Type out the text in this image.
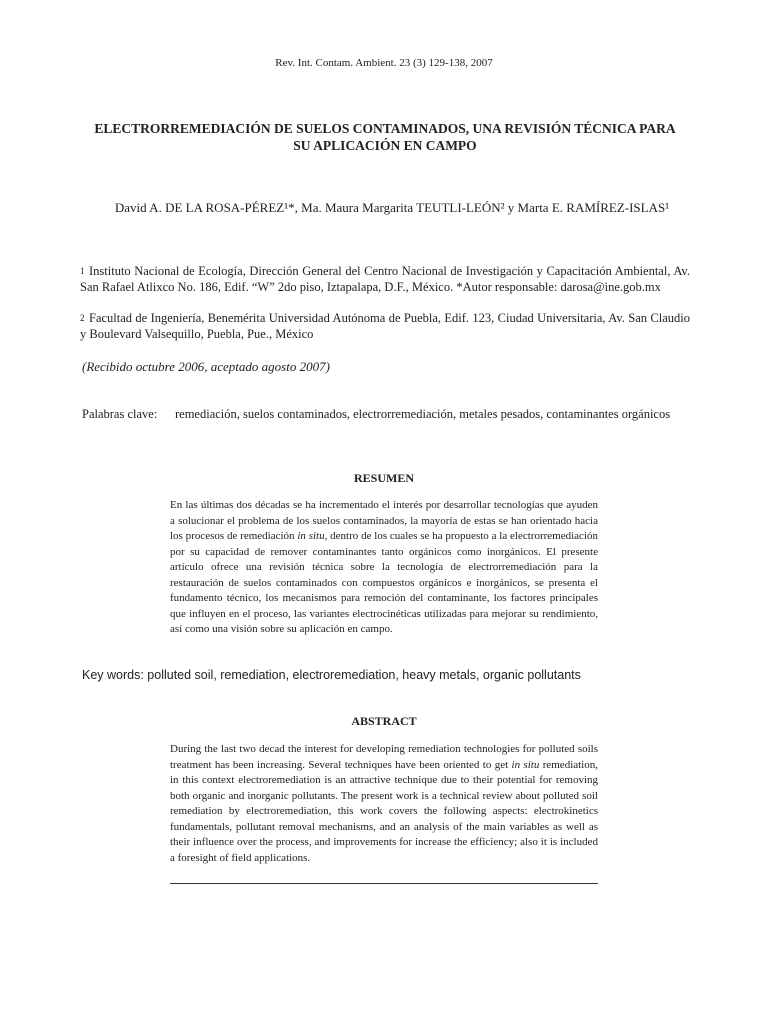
Rev. Int. Contam. Ambient. 23 (3) 129-138, 2007
ELECTRORREMEDIACIÓN DE SUELOS CONTAMINADOS, UNA REVISIÓN TÉCNICA PARA SU APLICACIÓN EN CAMPO
David A. DE LA ROSA-PÉREZ¹*, Ma. Maura Margarita TEUTLI-LEÓN² y Marta E. RAMÍREZ-ISLAS¹
1 Instituto Nacional de Ecología, Dirección General del Centro Nacional de Investigación y Capacitación Ambiental, Av. San Rafael Atlixco No. 186, Edif. “W” 2do piso, Iztapalapa, D.F., México. *Autor responsable: darosa@ine.gob.mx
2 Facultad de Ingeniería, Benemérita Universidad Autónoma de Puebla, Edif. 123, Ciudad Universitaria, Av. San Claudio y Boulevard Valsequillo, Puebla, Pue., México
(Recibido octubre 2006, aceptado agosto 2007)
Palabras clave: remediación, suelos contaminados, electrorremediación, metales pesados, contaminantes orgánicos
RESUMEN
En las últimas dos décadas se ha incrementado el interés por desarrollar tecnologías que ayuden a solucionar el problema de los suelos contaminados, la mayoría de estas se han orientado hacia los procesos de remediación in situ, dentro de los cuales se ha propuesto a la electrorremediación por su capacidad de remover contaminantes tanto orgánicos como inorgánicos. El presente artículo ofrece una revisión técnica sobre la tecnología de electrorremediación para la restauración de suelos contaminados con compuestos orgánicos e inorgánicos, se presenta el fundamento técnico, los mecanismos para remoción del contaminante, los factores principales que influyen en el proceso, las variantes electrocinéticas utilizadas para mejorar su rendimiento, así como una visión sobre su aplicación en campo.
Key words: polluted soil, remediation, electroremediation, heavy metals, organic pollutants
ABSTRACT
During the last two decad the interest for developing remediation technologies for polluted soils treatment has been increasing. Several techniques have been oriented to get in situ remediation, in this context electroremediation is an attractive technique due to their potential for removing both organic and inorganic pollutants. The present work is a technical review about polluted soil remediation by electroremediation, this work covers the following aspects: electrokinetics fundamentals, pollutant removal mechanisms, and an analysis of the main variables as well as their influence over the process, and improvements for increase the efficiency; also it is included a foresight of field applications.
